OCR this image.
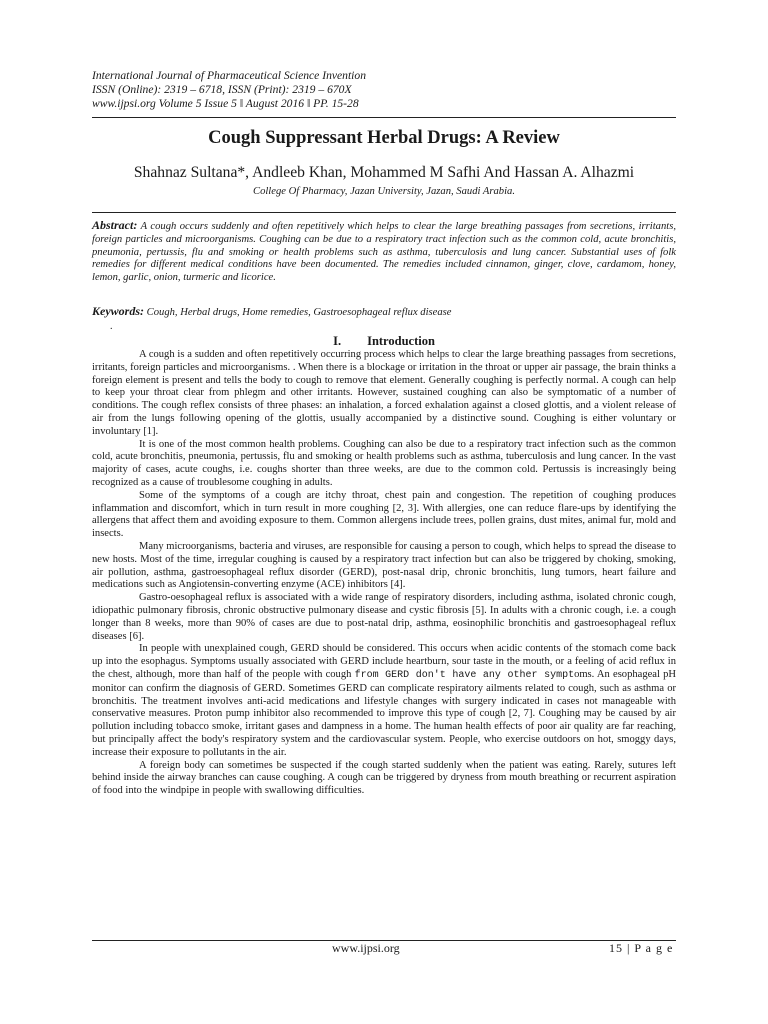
International Journal of Pharmaceutical Science Invention
ISSN (Online): 2319 – 6718, ISSN (Print): 2319 – 670X
www.ijpsi.org Volume 5 Issue 5 ǁ August 2016 ǁ PP. 15-28
Cough Suppressant Herbal Drugs: A Review
Shahnaz Sultana*, Andleeb Khan, Mohammed M Safhi And Hassan A. Alhazmi
College Of Pharmacy, Jazan University, Jazan, Saudi Arabia.
Abstract: A cough occurs suddenly and often repetitively which helps to clear the large breathing passages from secretions, irritants, foreign particles and microorganisms. Coughing can be due to a respiratory tract infection such as the common cold, acute bronchitis, pneumonia, pertussis, flu and smoking or health problems such as asthma, tuberculosis and lung cancer. Substantial uses of folk remedies for different medical conditions have been documented. The remedies included cinnamon, ginger, clove, cardamom, honey, lemon, garlic, onion, turmeric and licorice.
Keywords: Cough, Herbal drugs, Home remedies, Gastroesophageal reflux disease
.
I. Introduction

A cough is a sudden and often repetitively occurring process which helps to clear the large breathing passages from secretions, irritants, foreign particles and microorganisms. . When there is a blockage or irritation in the throat or upper air passage, the brain thinks a foreign element is present and tells the body to cough to remove that element. Generally coughing is perfectly normal. A cough can help to keep your throat clear from phlegm and other irritants. However, sustained coughing can also be symptomatic of a number of conditions. The cough reflex consists of three phases: an inhalation, a forced exhalation against a closed glottis, and a violent release of air from the lungs following opening of the glottis, usually accompanied by a distinctive sound. Coughing is either voluntary or involuntary [1].

It is one of the most common health problems. Coughing can also be due to a respiratory tract infection such as the common cold, acute bronchitis, pneumonia, pertussis, flu and smoking or health problems such as asthma, tuberculosis and lung cancer. In the vast majority of cases, acute coughs, i.e. coughs shorter than three weeks, are due to the common cold. Pertussis is increasingly being recognized as a cause of troublesome coughing in adults.

Some of the symptoms of a cough are itchy throat, chest pain and congestion. The repetition of coughing produces inflammation and discomfort, which in turn result in more coughing [2, 3]. With allergies, one can reduce flare-ups by identifying the allergens that affect them and avoiding exposure to them. Common allergens include trees, pollen grains, dust mites, animal fur, mold and insects.

Many microorganisms, bacteria and viruses, are responsible for causing a person to cough, which helps to spread the disease to new hosts. Most of the time, irregular coughing is caused by a respiratory tract infection but can also be triggered by choking, smoking, air pollution, asthma, gastroesophageal reflux disorder (GERD), post-nasal drip, chronic bronchitis, lung tumors, heart failure and medications such as Angiotensin-converting enzyme (ACE) inhibitors [4].

Gastro-oesophageal reflux is associated with a wide range of respiratory disorders, including asthma, isolated chronic cough, idiopathic pulmonary fibrosis, chronic obstructive pulmonary disease and cystic fibrosis [5]. In adults with a chronic cough, i.e. a cough longer than 8 weeks, more than 90% of cases are due to post-natal drip, asthma, eosinophilic bronchitis and gastroesophageal reflux diseases [6].

In people with unexplained cough, GERD should be considered. This occurs when acidic contents of the stomach come back up into the esophagus. Symptoms usually associated with GERD include heartburn, sour taste in the mouth, or a feeling of acid reflux in the chest, although, more than half of the people with cough from GERD don't have any other symptoms. An esophageal pH monitor can confirm the diagnosis of GERD. Sometimes GERD can complicate respiratory ailments related to cough, such as asthma or bronchitis. The treatment involves anti-acid medications and lifestyle changes with surgery indicated in cases not manageable with conservative measures. Proton pump inhibitor also recommended to improve this type of cough [2, 7]. Coughing may be caused by air pollution including tobacco smoke, irritant gases and dampness in a home. The human health effects of poor air quality are far reaching, but principally affect the body's respiratory system and the cardiovascular system. People, who exercise outdoors on hot, smoggy days, increase their exposure to pollutants in the air.

A foreign body can sometimes be suspected if the cough started suddenly when the patient was eating. Rarely, sutures left behind inside the airway branches can cause coughing. A cough can be triggered by dryness from mouth breathing or recurrent aspiration of food into the windpipe in people with swallowing difficulties.

www.ijpsi.org	15 | P a g e
